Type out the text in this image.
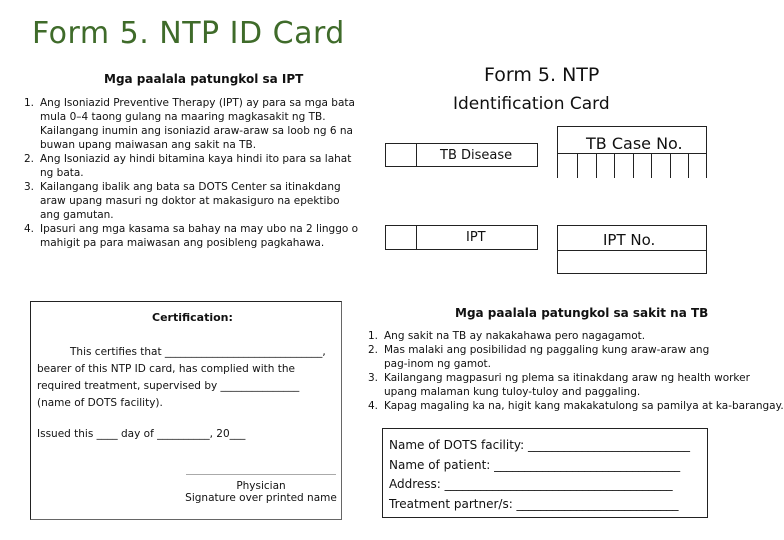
Form 5. NTP ID Card
Mga paalala patungkol sa IPT
1. Ang Isoniazid Preventive Therapy (IPT) ay para sa mga bata
mula 0–4 taong gulang na maaring magkasakit ng TB.
Kailangang inumin ang isoniazid araw-araw sa loob ng 6 na
buwan upang maiwasan ang sakit na TB.
2. Ang Isoniazid ay hindi bitamina kaya hindi ito para sa lahat
ng bata.
3. Kailangang ibalik ang bata sa DOTS Center sa itinakdang
araw upang masuri ng doktor at makasiguro na epektibo
ang gamutan.
4. Ipasuri ang mga kasama sa bahay na may ubo na 2 linggo o
mahigit pa para maiwasan ang posibleng pagkahawa.
Form 5. NTP
Identification Card
TB Case No.
TB Disease
IPT	IPT No.
Certification:
This certifies that ______________________________,
bearer of this NTP ID card, has complied with the
required treatment, supervised by _______________
(name of DOTS facility).
Issued this ____ day of __________, 20___
Physician
Signature over printed name
Mga paalala patungkol sa sakit na TB
1. Ang sakit na TB ay nakakahawa pero nagagamot.
2. Mas malaki ang posibilidad ng paggaling kung araw-araw ang
pag-inom ng gamot.
3. Kailangang magpasuri ng plema sa itinakdang araw ng health worker
upang malaman kung tuloy-tuloy and paggaling.
4. Kapag magaling ka na, higit kang makakatulong sa pamilya at ka-barangay.
Name of DOTS facility: ___________________________
Name of patient: _______________________________
Address: ______________________________________
Treatment partner/s: ___________________________
